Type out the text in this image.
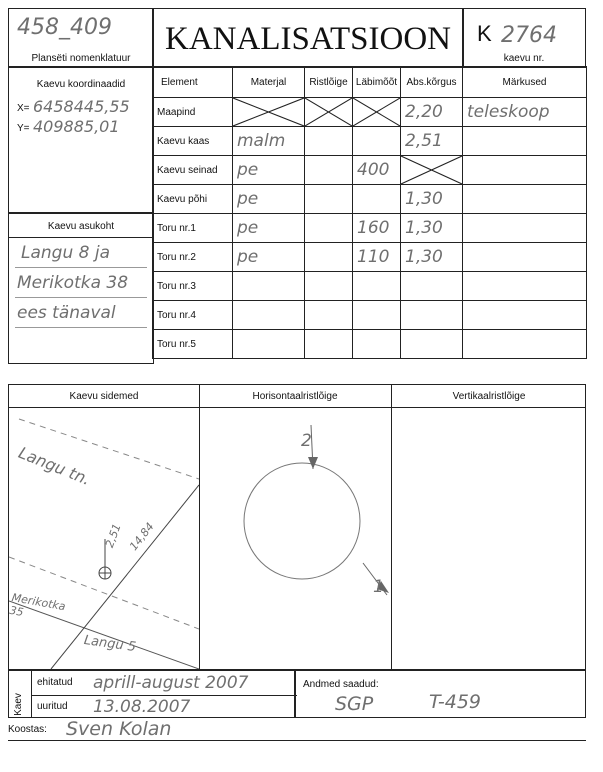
458_409
Plansëti nomenklatuur
KANALISATSIOON	K 2764
kaevu nr.
Kaevu koordinaadid
X= 6458445,55
Y= 409885,01
Kaevu asukoht
Langu 8 ja
Merikotka 38
ees tänaval
Element	Materjal	Ristlõige	Läbimõõt	Abs.kõrgus	Märkused
Maapind				2,20	teleskoop
Kaevu kaas	malm			2,51	
Kaevu seinad	pe		400	

Kaevu põhi	pe			1,30	
Toru nr.1	pe		160	1,30	
Toru nr.2	pe		110	1,30	
Toru nr.3					
Toru nr.4					
Toru nr.5					
Kaevu sidemed	Horisontaalristlõige	Vertikaalristlõige
Langu tn.
2,51 14,84
Merikotka 35
Langu 5
2
1
Kaev
ehitatud aprill-august 2007
uuritud 13.08.2007
Andmed saadud:
SGP	T-459
Koostas: Sven Kolan
